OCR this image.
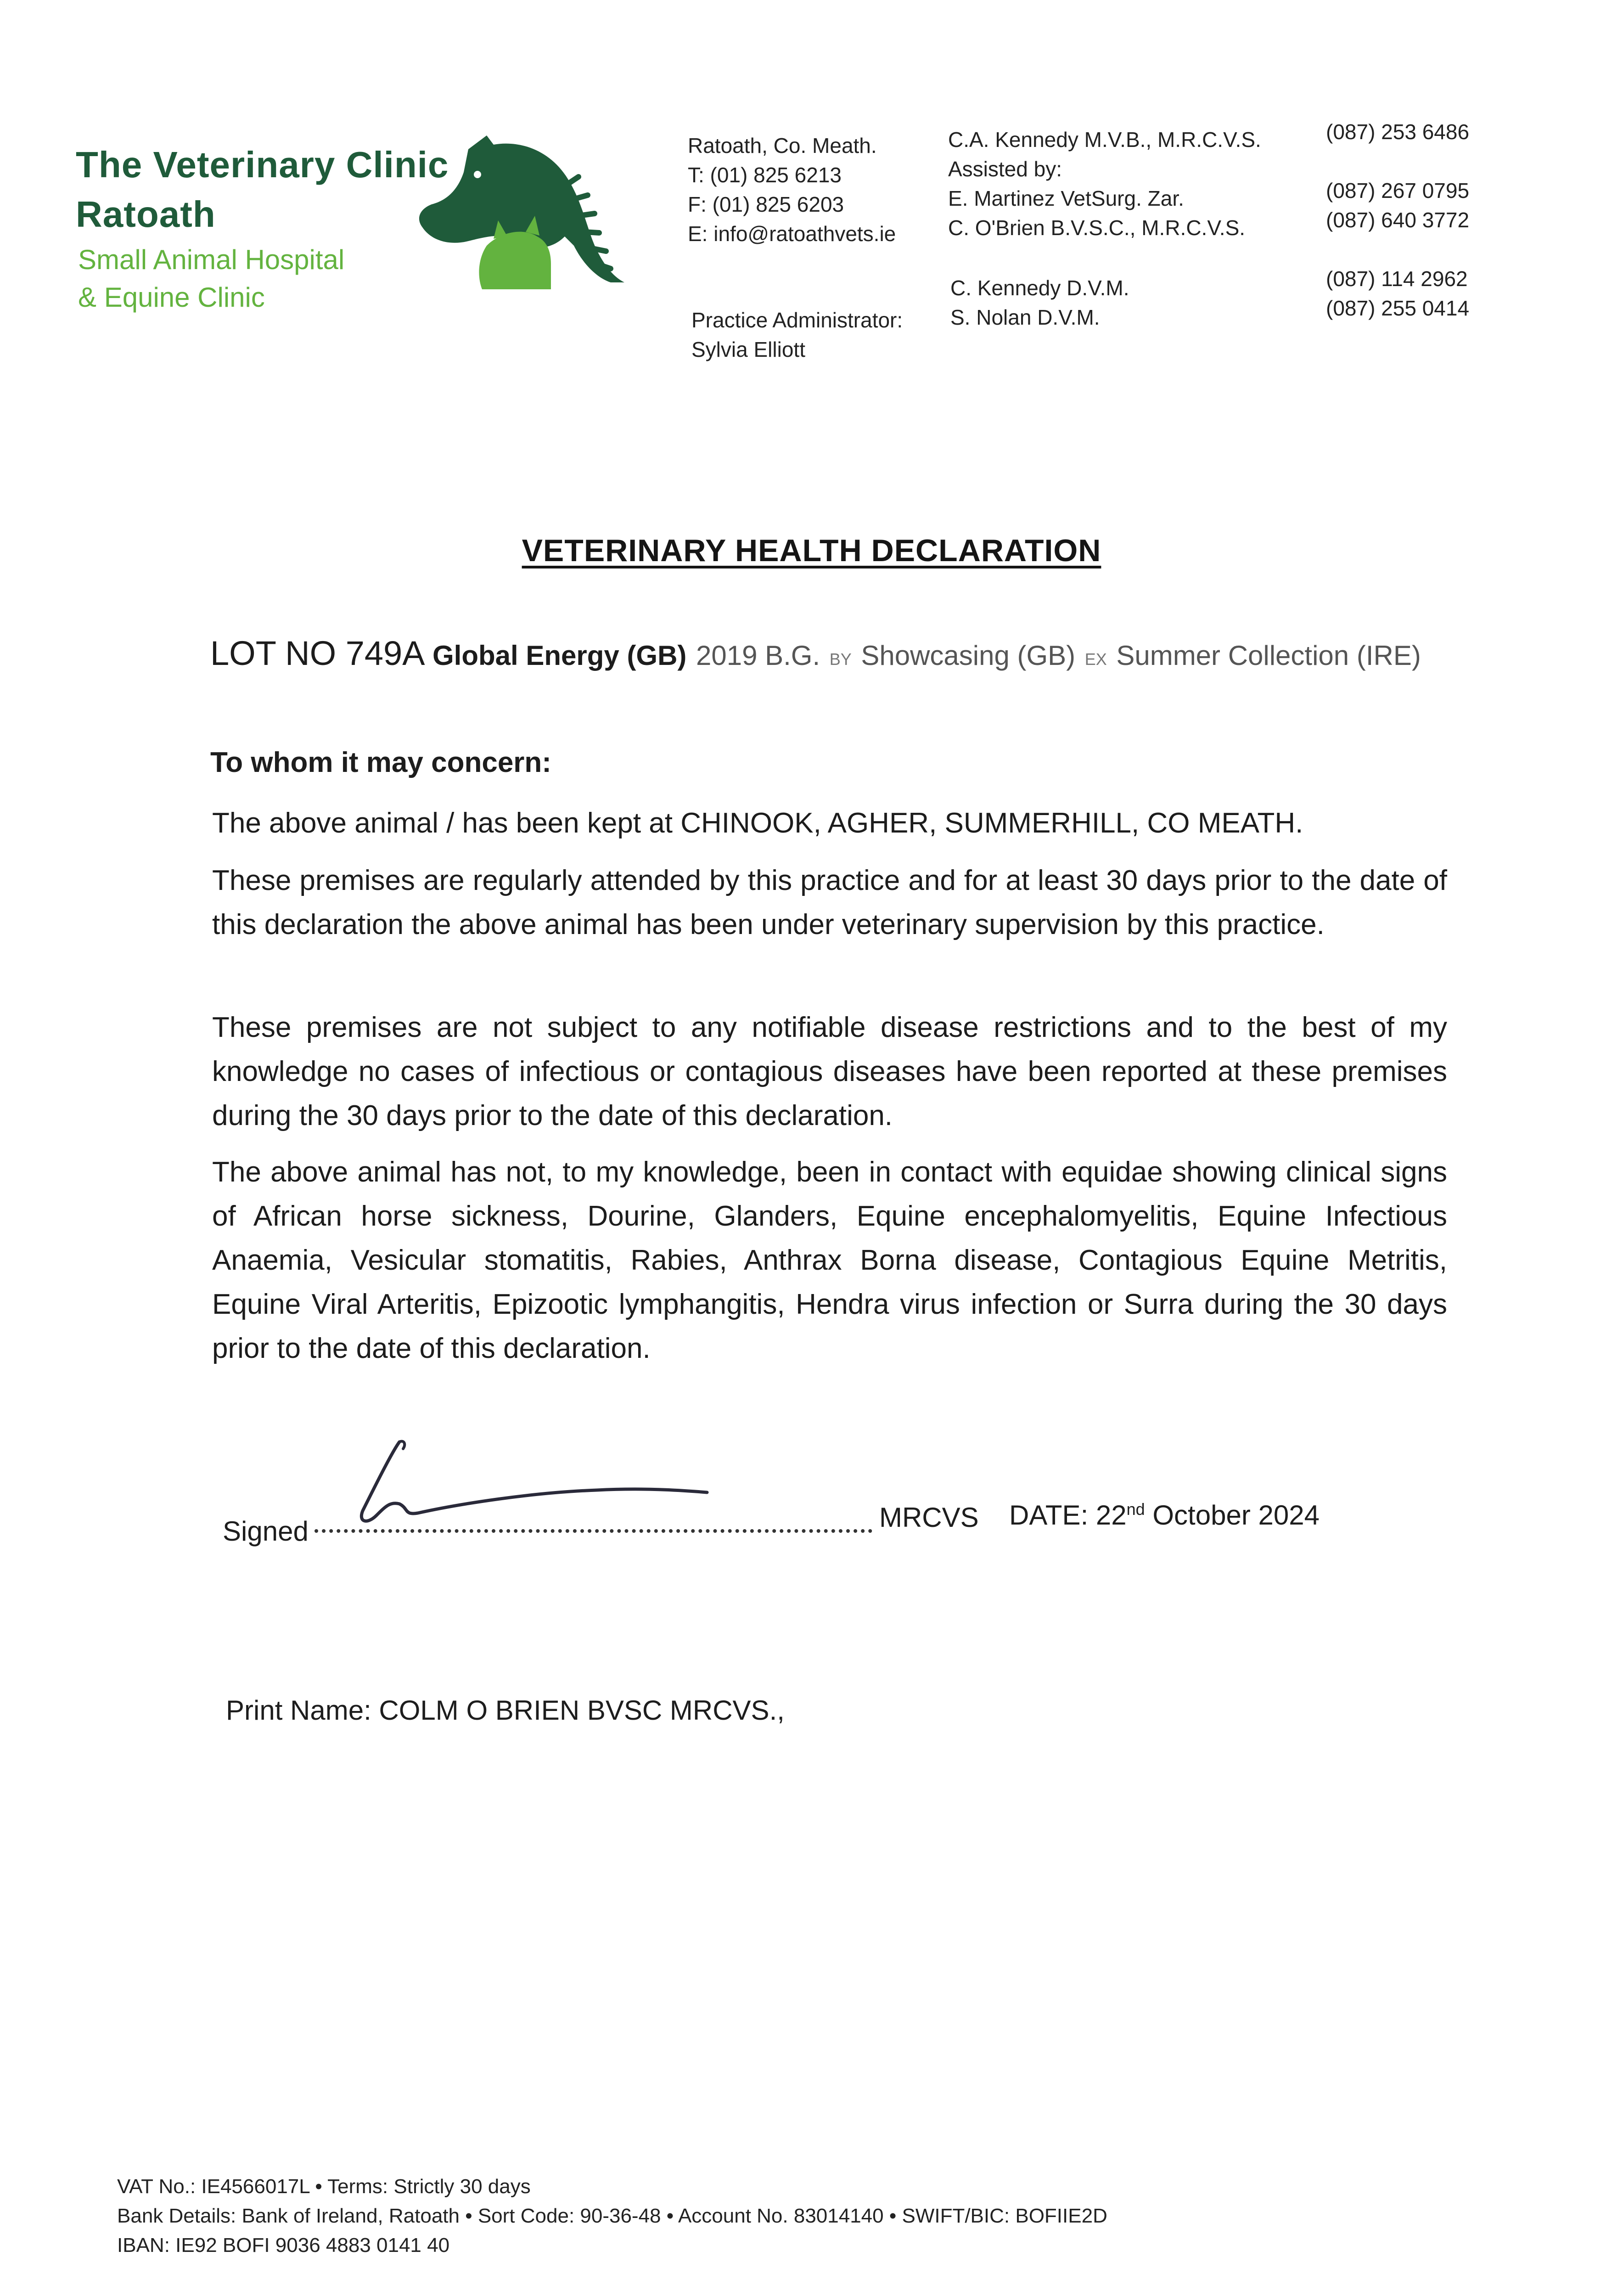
The Veterinary Clinic
Ratoath
Small Animal Hospital
& Equine Clinic
Ratoath, Co. Meath.
T: (01) 825 6213
F: (01) 825 6203
E: info@ratoathvets.ie
Practice Administrator:
Sylvia Elliott
C.A. Kennedy M.V.B., M.R.C.V.S.
Assisted by:
E. Martinez VetSurg. Zar.
C. O'Brien B.V.S.C., M.R.C.V.S.
C. Kennedy D.V.M.
S. Nolan D.V.M.
(087) 253 6486
(087) 267 0795
(087) 640 3772
(087) 114 2962
(087) 255 0414
VETERINARY HEALTH DECLARATION
LOT NO 749A Global Energy (GB) 2019 B.G. BY Showcasing (GB) EX Summer Collection (IRE)
To whom it may concern:
The above animal / has been kept at CHINOOK, AGHER, SUMMERHILL, CO MEATH.
These premises are regularly attended by this practice and for at least 30 days prior to the date of this declaration the above animal has been under veterinary supervision by this practice.
These premises are not subject to any notifiable disease restrictions and to the best of my knowledge no cases of infectious or contagious diseases have been reported at these premises during the 30 days prior to the date of this declaration.
The above animal has not, to my knowledge, been in contact with equidae showing clinical signs of African horse sickness, Dourine, Glanders, Equine encephalomyelitis, Equine Infectious Anaemia, Vesicular stomatitis, Rabies, Anthrax Borna disease, Contagious Equine Metritis, Equine Viral Arteritis, Epizootic lymphangitis, Hendra virus infection or Surra during the 30 days prior to the date of this declaration.
Signed	MRCVS DATE: 22nd October 2024
Print Name: COLM O BRIEN BVSC MRCVS.,
VAT No.: IE4566017L • Terms: Strictly 30 days
Bank Details: Bank of Ireland, Ratoath • Sort Code: 90-36-48 • Account No. 83014140 • SWIFT/BIC: BOFIIE2D
IBAN: IE92 BOFI 9036 4883 0141 40
